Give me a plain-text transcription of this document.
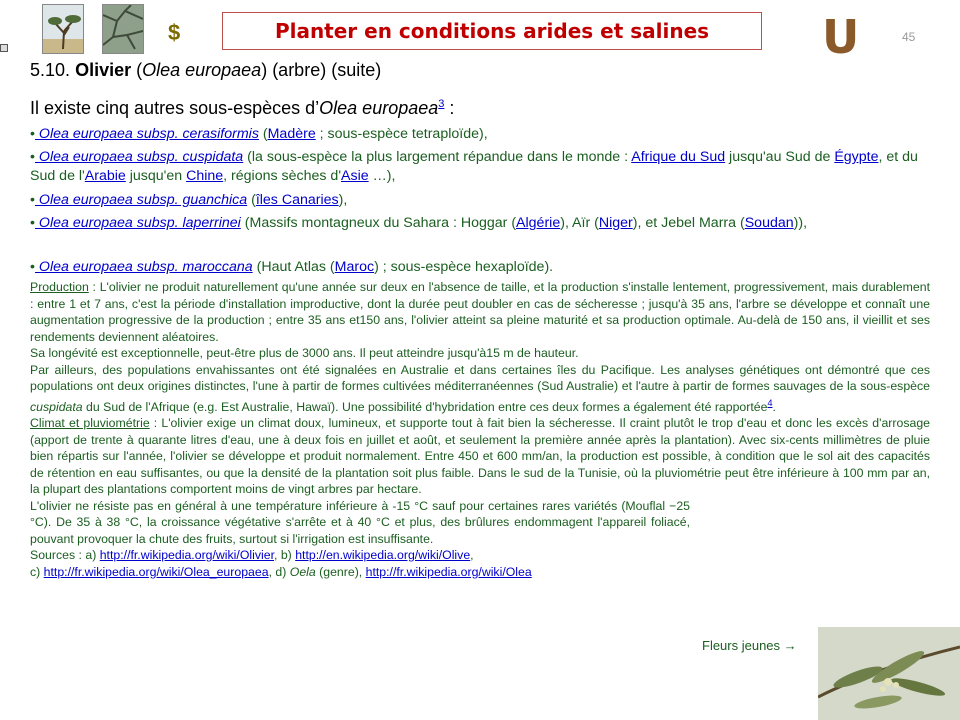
$	Planter en conditions arides et salines U	45
5.10. Olivier (Olea europaea) (arbre) (suite)
Il existe cinq autres sous-espèces d’Olea europaea$^3$ :
• Olea europaea subsp. cerasiformis (Madère ; sous-espèce tetraploïde),
• Olea europaea subsp. cuspidata (la sous-espèce la plus largement répandue dans le monde : Afrique du Sud jusqu'au Sud de Égypte, et du Sud de l'Arabie jusqu'en Chine, régions sèches d'Asie …),
• Olea europaea subsp. guanchica (îles Canaries),
• Olea europaea subsp. laperrinei (Massifs montagneux du Sahara : Hoggar (Algérie), Aïr (Niger), et Jebel Marra (Soudan)),
• Olea europaea subsp. maroccana (Haut Atlas (Maroc) ; sous-espèce hexaploïde).

Production : L'olivier ne produit naturellement qu'une année sur deux en l'absence de taille, et la production s'installe lentement, progressivement, mais durablement : entre 1 et 7 ans, c'est la période d'installation improductive, dont la durée peut doubler en cas de sécheresse ; jusqu'à 35 ans, l'arbre se développe et connaît une augmentation progressive de la production ; entre 35 ans et150 ans, l'olivier atteint sa pleine maturité et sa production optimale. Au-delà de 150 ans, il vieillit et ses rendements deviennent aléatoires.

Sa longévité est exceptionnelle, peut-être plus de 3000 ans. Il peut atteindre jusqu'à15 m de hauteur.

Par ailleurs, des populations envahissantes ont été signalées en Australie et dans certaines îles du Pacifique. Les analyses génétiques ont démontré que ces populations ont deux origines distinctes, l'une à partir de formes cultivées méditerranéennes (Sud Australie) et l'autre à partir de formes sauvages de la sous-espèce cuspidata du Sud de l'Afrique (e.g. Est Australie, Hawaï). Une possibilité d'hybridation entre ces deux formes a également été rapportée$^4$.

Climat et pluviométrie : L'olivier exige un climat doux, lumineux, et supporte tout à fait bien la sécheresse. Il craint plutôt le trop d'eau et donc les excès d'arrosage (apport de trente à quarante litres d'eau, une à deux fois en juillet et août, et seulement la première année après la plantation). Avec six-cents millimètres de pluie bien répartis sur l'année, l'olivier se développe et produit normalement. Entre 450 et 600 mm/an, la production est possible, à condition que le sol ait des capacités de rétention en eau suffisantes, ou que la densité de la plantation soit plus faible. Dans le sud de la Tunisie, où la pluviométrie peut être inférieure à 100 mm par an, la plupart des plantations comportent moins de vingt arbres par hectare.

L'olivier ne résiste pas en général à une température inférieure à -15 °C sauf pour certaines rares variétés (Mouflal −25 °C). De 35 à 38 °C, la croissance végétative s'arrête et à 40 °C et plus, des brûlures endommagent l'appareil foliacé, pouvant provoquer la chute des fruits, surtout si l'irrigation est insuffisante.

Sources : a) http://fr.wikipedia.org/wiki/Olivier, b) http://en.wikipedia.org/wiki/Olive,

c) http://fr.wikipedia.org/wiki/Olea_europaea, d) Oela (genre), http://fr.wikipedia.org/wiki/Olea

Fleurs jeunes →
